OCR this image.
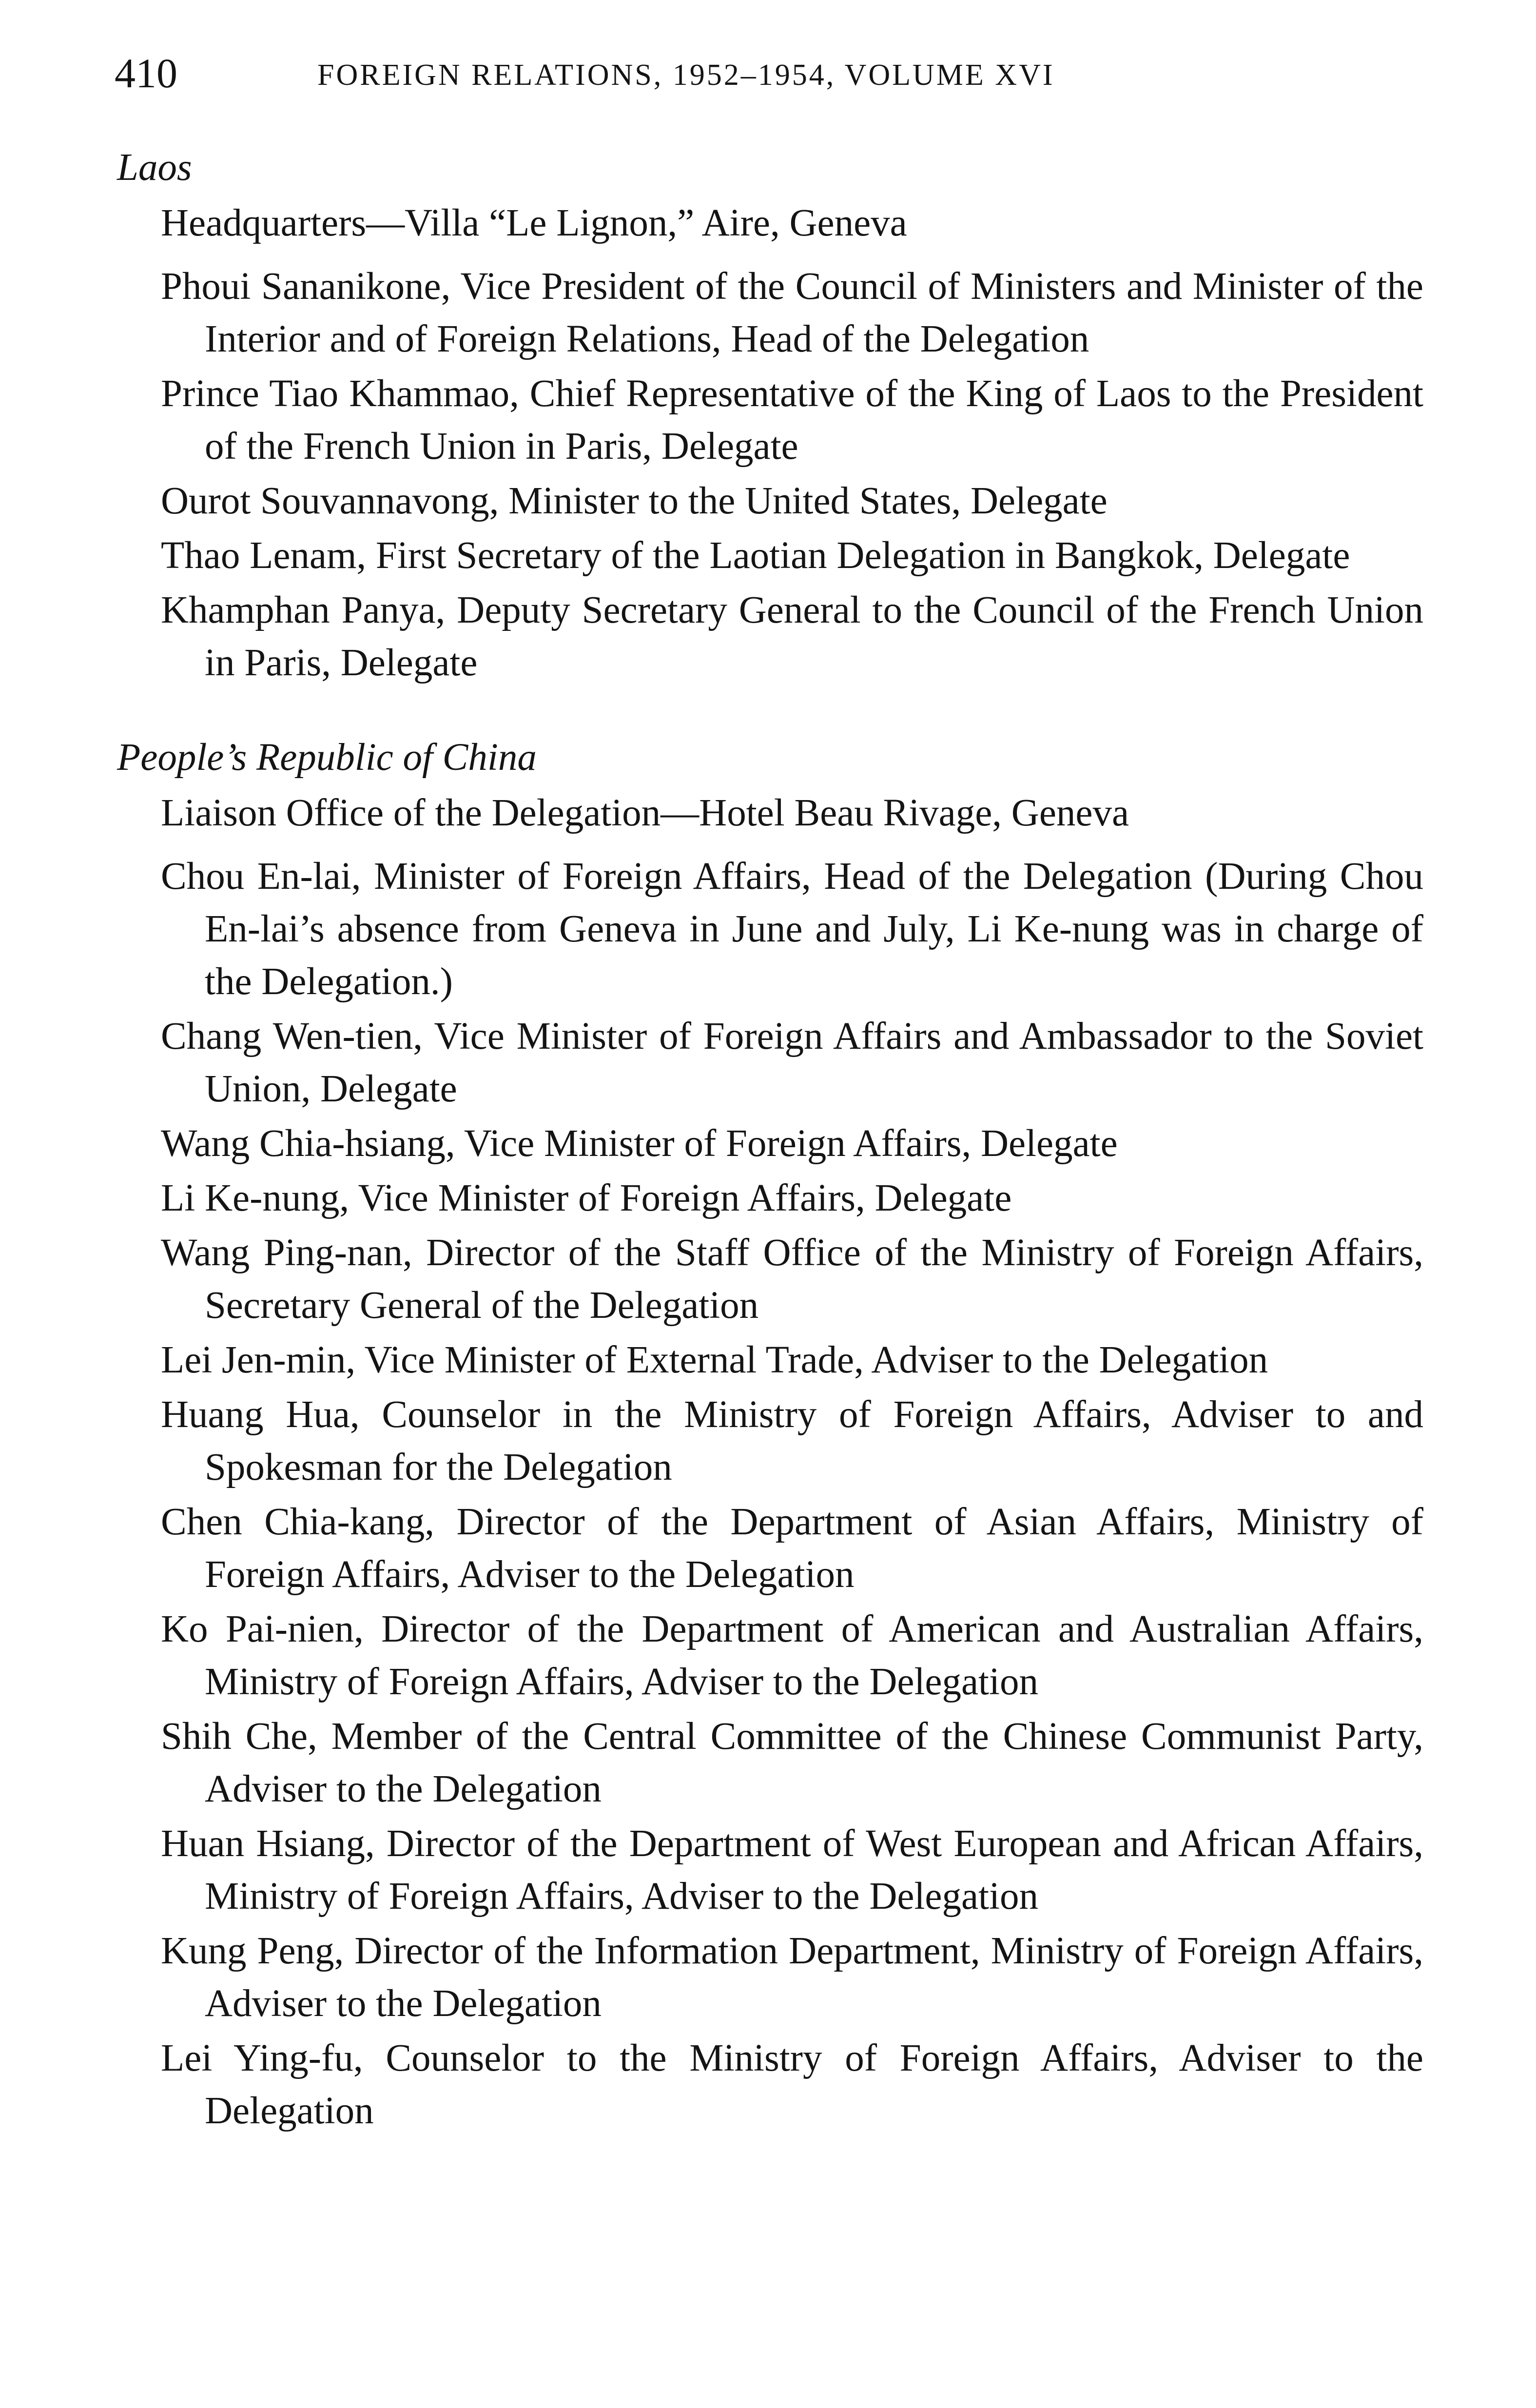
410	FOREIGN RELATIONS, 1952–1954, VOLUME XVI

Laos

Headquarters—Villa “Le Lignon,” Aire, Geneva

Phoui Sananikone, Vice President of the Council of Ministers and Minister of the Interior and of Foreign Relations, Head of the Delegation

Prince Tiao Khammao, Chief Representative of the King of Laos to the President of the French Union in Paris, Delegate

Ourot Souvannavong, Minister to the United States, Delegate

Thao Lenam, First Secretary of the Laotian Delegation in Bangkok, Delegate

Khamphan Panya, Deputy Secretary General to the Council of the French Union in Paris, Delegate

People’s Republic of China

Liaison Office of the Delegation—Hotel Beau Rivage, Geneva

Chou En-lai, Minister of Foreign Affairs, Head of the Delegation (During Chou En-lai’s absence from Geneva in June and July, Li Ke-nung was in charge of the Delegation.)

Chang Wen-tien, Vice Minister of Foreign Affairs and Ambassador to the Soviet Union, Delegate

Wang Chia-hsiang, Vice Minister of Foreign Affairs, Delegate

Li Ke-nung, Vice Minister of Foreign Affairs, Delegate

Wang Ping-nan, Director of the Staff Office of the Ministry of Foreign Affairs, Secretary General of the Delegation

Lei Jen-min, Vice Minister of External Trade, Adviser to the Delegation

Huang Hua, Counselor in the Ministry of Foreign Affairs, Adviser to and Spokesman for the Delegation

Chen Chia-kang, Director of the Department of Asian Affairs, Ministry of Foreign Affairs, Adviser to the Delegation

Ko Pai-nien, Director of the Department of American and Australian Affairs, Ministry of Foreign Affairs, Adviser to the Delegation

Shih Che, Member of the Central Committee of the Chinese Communist Party, Adviser to the Delegation

Huan Hsiang, Director of the Department of West European and African Affairs, Ministry of Foreign Affairs, Adviser to the Delegation

Kung Peng, Director of the Information Department, Ministry of Foreign Affairs, Adviser to the Delegation

Lei Ying-fu, Counselor to the Ministry of Foreign Affairs, Adviser to the Delegation
